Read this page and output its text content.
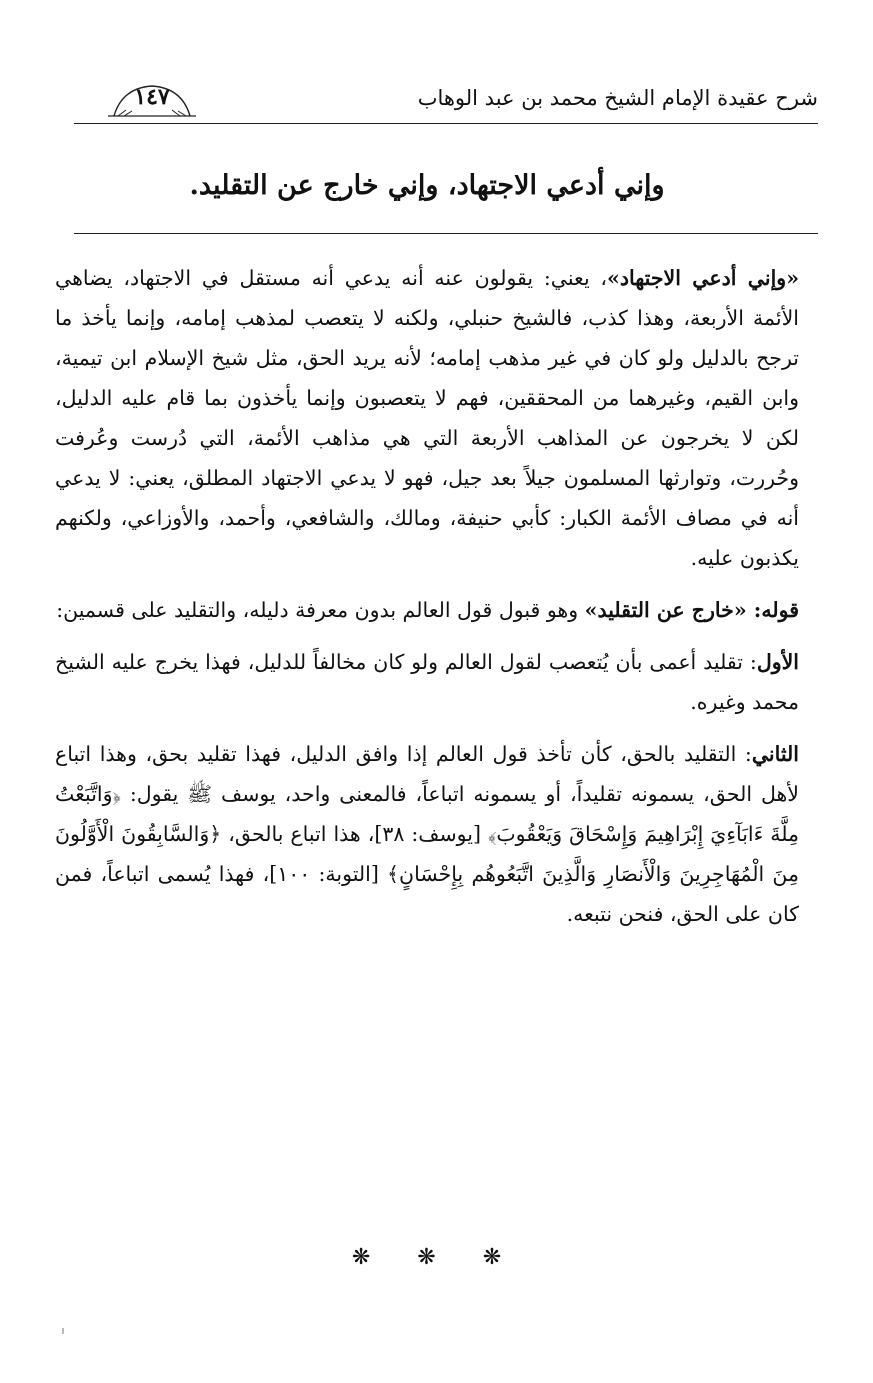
شرح عقيدة الإمام الشيخ محمد بن عبد الوهاب
١٤٧
وإني أدعي الاجتهاد، وإني خارج عن التقليد.

«وإني أدعي الاجتهاد»، يعني: يقولون عنه أنه يدعي أنه مستقل في الاجتهاد، يضاهي الأئمة الأربعة، وهذا كذب، فالشيخ حنبلي، ولكنه لا يتعصب لمذهب إمامه، وإنما يأخذ ما ترجح بالدليل ولو كان في غير مذهب إمامه؛ لأنه يريد الحق، مثل شيخ الإسلام ابن تيمية، وابن القيم، وغيرهما من المحققين، فهم لا يتعصبون وإنما يأخذون بما قام عليه الدليل، لكن لا يخرجون عن المذاهب الأربعة التي هي مذاهب الأئمة، التي دُرست وعُرفت وحُررت، وتوارثها المسلمون جيلاً بعد جيل، فهو لا يدعي الاجتهاد المطلق، يعني: لا يدعي أنه في مصاف الأئمة الكبار: كأبي حنيفة، ومالك، والشافعي، وأحمد، والأوزاعي، ولكنهم يكذبون عليه.

قوله: «خارج عن التقليد» وهو قبول قول العالم بدون معرفة دليله، والتقليد على قسمين:

الأول: تقليد أعمى بأن يُتعصب لقول العالم ولو كان مخالفاً للدليل، فهذا يخرج عليه الشيخ محمد وغيره.

الثاني: التقليد بالحق، كأن تأخذ قول العالم إذا وافق الدليل، فهذا تقليد بحق، وهذا اتباع لأهل الحق، يسمونه تقليداً، أو يسمونه اتباعاً، فالمعنى واحد، يوسف ﷺ يقول: ﴿وَاتَّبَعْتُ مِلَّةَ ءَابَآءِيَ إِبْرَاهِيمَ وَإِسْحَاقَ وَيَعْقُوبَ﴾ [يوسف: ٣٨]، هذا اتباع بالحق، ﴿وَالسَّابِقُونَ الْأَوَّلُونَ مِنَ الْمُهَاجِرِينَ وَالْأَنصَارِ وَالَّذِينَ اتَّبَعُوهُم بِإِحْسَانٍ﴾ [التوبة: ١٠٠]، فهذا يُسمى اتباعاً، فمن كان على الحق، فنحن نتبعه.

❋ ❋ ❋
